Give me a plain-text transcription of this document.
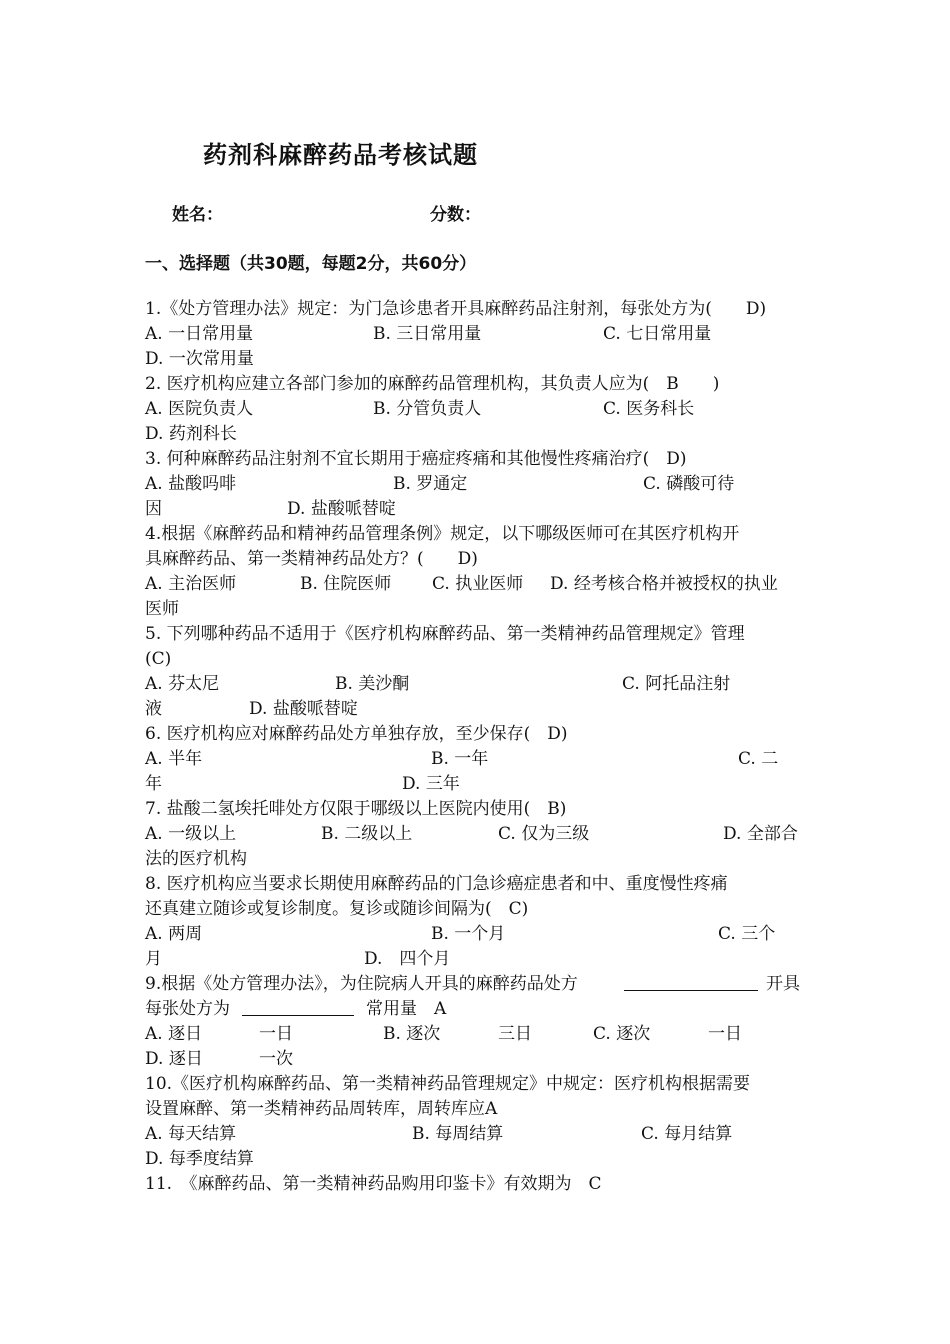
药剂科麻醉药品考核试题
姓名：	分数：
一、选择题（共30题，每题2分，共60分）
1.《处方管理办法》规定：为门急诊患者开具麻醉药品注射剂，每张处方为(　　D)
A. 一日常用量	B. 三日常用量	C. 七日常用量
D. 一次常用量
2. 医疗机构应建立各部门参加的麻醉药品管理机构，其负责人应为(　B　　)
A. 医院负责人	B. 分管负责人	C. 医务科长
D. 药剂科长
3. 何种麻醉药品注射剂不宜长期用于癌症疼痛和其他慢性疼痛治疗(　D)
A. 盐酸吗啡	B. 罗通定	C. 磷酸可待
因	D. 盐酸哌替啶
4.根据《麻醉药品和精神药品管理条例》规定，以下哪级医师可在其医疗机构开
具麻醉药品、第一类精神药品处方？(　　D)
A. 主治医师	B. 住院医师 C. 执业医师 D. 经考核合格并被授权的执业
医师
5. 下列哪种药品不适用于《医疗机构麻醉药品、第一类精神药品管理规定》管理
(C)
A. 芬太尼	B. 美沙酮	C. 阿托品注射
液	D. 盐酸哌替啶
6. 医疗机构应对麻醉药品处方单独存放，至少保存(　D)
A. 半年	B. 一年	C. 二
年	D. 三年
7. 盐酸二氢埃托啡处方仅限于哪级以上医院内使用(　B)
A. 一级以上	B. 二级以上	C. 仅为三级	D. 全部合
法的医疗机构
8. 医疗机构应当要求长期使用麻醉药品的门急诊癌症患者和中、重度慢性疼痛
还真建立随诊或复诊制度。复诊或随诊间隔为(　C)
A. 两周	B. 一个月	C. 三个
月	D.　四个月
9.根据《处方管理办法》，为住院病人开具的麻醉药品处方	开具
每张处方为	常用量　A
A. 逐日	一日	B. 逐次	三日	C. 逐次	一日
D. 逐日	一次
10.《医疗机构麻醉药品、第一类精神药品管理规定》中规定：医疗机构根据需要
设置麻醉、第一类精神药品周转库，周转库应A
A. 每天结算	B. 每周结算	C. 每月结算
D. 每季度结算
11.　《麻醉药品、第一类精神药品购用印鉴卡》有效期为　C
